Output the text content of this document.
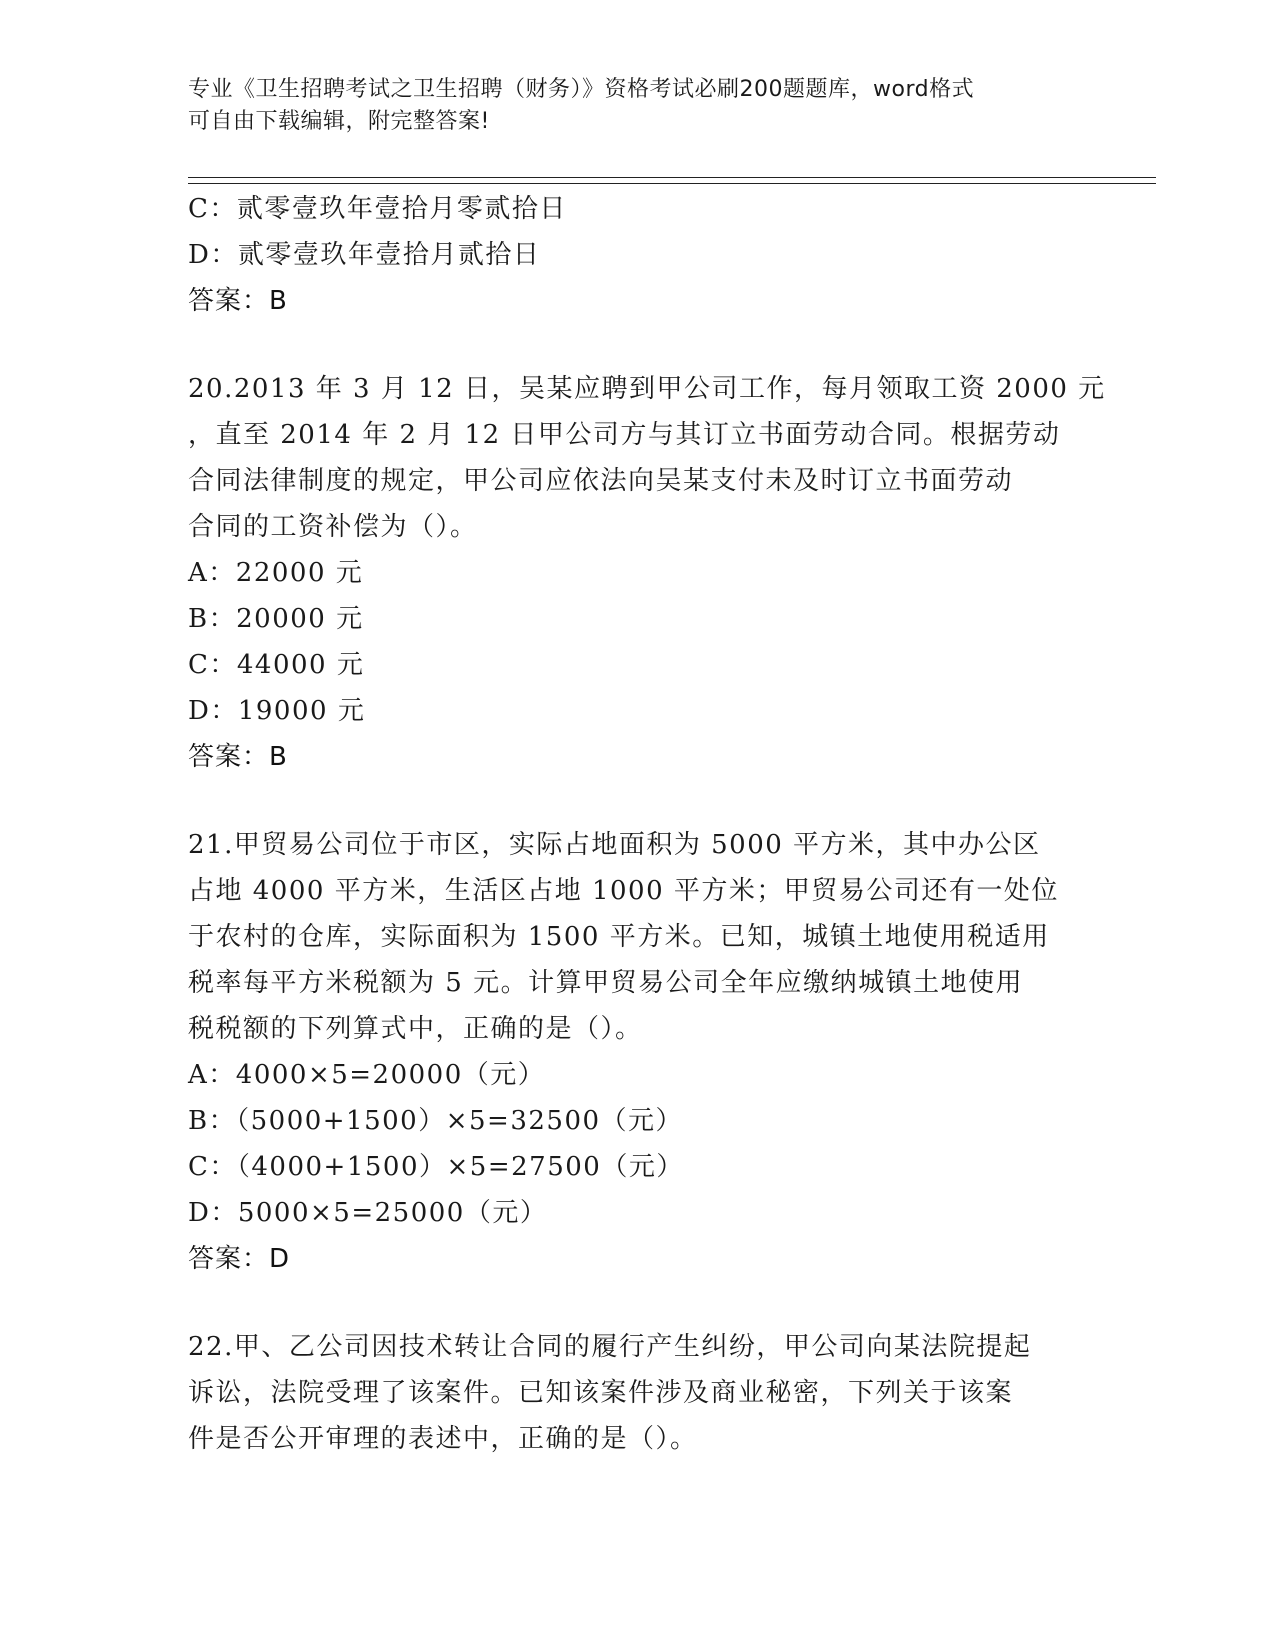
专业《卫生招聘考试之卫生招聘（财务）》资格考试必刷200题题库，word格式
可自由下载编辑，附完整答案!
C：贰零壹玖年壹拾月零贰拾日
D：贰零壹玖年壹拾月贰拾日
答案：B
20.2013 年 3 月 12 日，吴某应聘到甲公司工作，每月领取工资 2000 元
，直至 2014 年 2 月 12 日甲公司方与其订立书面劳动合同。根据劳动
合同法律制度的规定，甲公司应依法向吴某支付未及时订立书面劳动
合同的工资补偿为（）。
A：22000 元
B：20000 元
C：44000 元
D：19000 元
答案：B
21.甲贸易公司位于市区，实际占地面积为 5000 平方米，其中办公区
占地 4000 平方米，生活区占地 1000 平方米；甲贸易公司还有一处位
于农村的仓库，实际面积为 1500 平方米。已知，城镇土地使用税适用
税率每平方米税额为 5 元。计算甲贸易公司全年应缴纳城镇土地使用
税税额的下列算式中，正确的是（）。
A：4000×5=20000（元）
B：（5000+1500）×5=32500（元）
C：（4000+1500）×5=27500（元）
D：5000×5=25000（元）
答案：D
22.甲、乙公司因技术转让合同的履行产生纠纷，甲公司向某法院提起
诉讼，法院受理了该案件。已知该案件涉及商业秘密，下列关于该案
件是否公开审理的表述中，正确的是（）。
